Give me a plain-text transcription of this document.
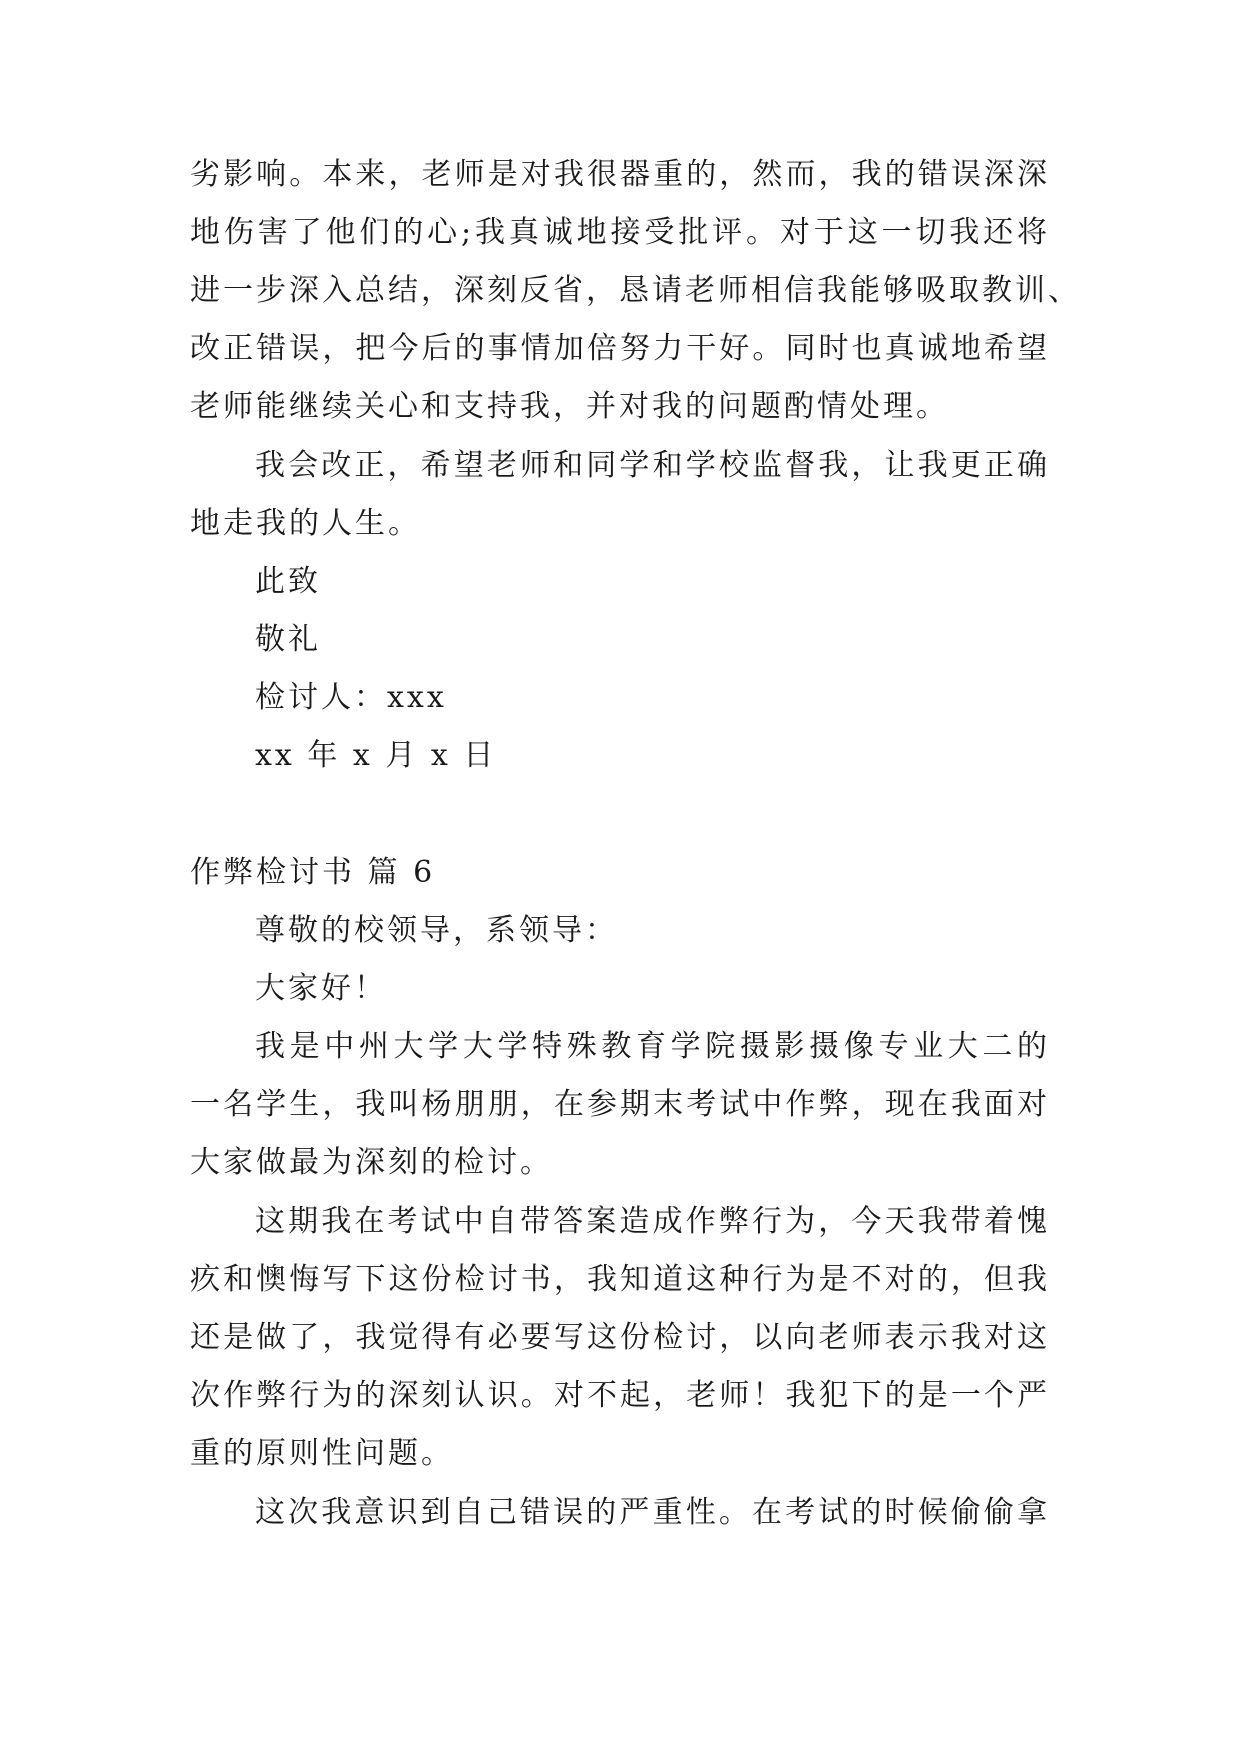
劣影响。本来，老师是对我很器重的，然而，我的错误深深
地伤害了他们的心;我真诚地接受批评。对于这一切我还将
进一步深入总结，深刻反省，恳请老师相信我能够吸取教训、
改正错误，把今后的事情加倍努力干好。同时也真诚地希望
老师能继续关心和支持我，并对我的问题酌情处理。
我会改正，希望老师和同学和学校监督我，让我更正确
地走我的人生。
此致
敬礼
检讨人：xxx
xx 年 x 月 x 日
作弊检讨书 篇 6
尊敬的校领导，系领导：
大家好！
我是中州大学大学特殊教育学院摄影摄像专业大二的
一名学生，我叫杨朋朋，在参期末考试中作弊，现在我面对
大家做最为深刻的检讨。
这期我在考试中自带答案造成作弊行为，今天我带着愧
疚和懊悔写下这份检讨书，我知道这种行为是不对的，但我
还是做了，我觉得有必要写这份检讨，以向老师表示我对这
次作弊行为的深刻认识。对不起，老师！我犯下的是一个严
重的原则性问题。
这次我意识到自己错误的严重性。在考试的时候偷偷拿
